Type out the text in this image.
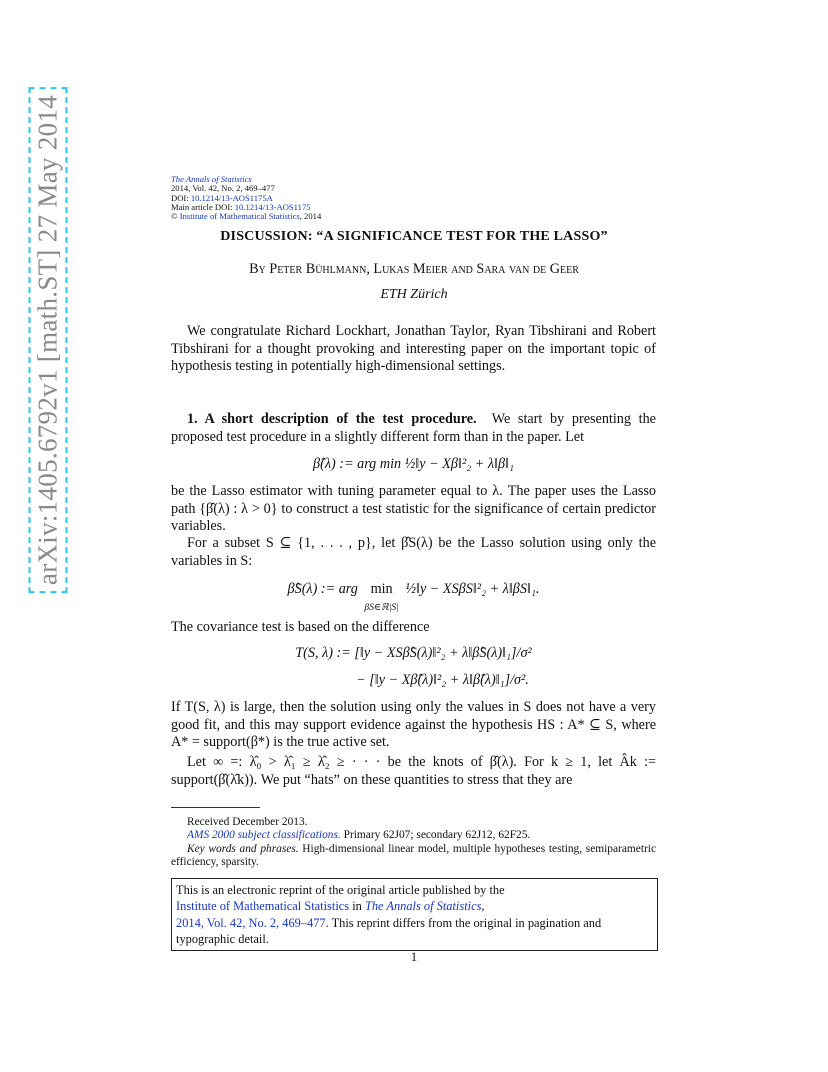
arXiv:1405.6792v1 [math.ST] 27 May 2014	The Annals of Statistics
2014, Vol. 42, No. 2, 469–477
DOI: 10.1214/13-AOS1175A
Main article DOI: 10.1214/13-AOS1175
© Institute of Mathematical Statistics, 2014
DISCUSSION: “A SIGNIFICANCE TEST FOR THE LASSO”
By Peter Bühlmann, Lukas Meier and Sara van de Geer
ETH Zürich
We congratulate Richard Lockhart, Jonathan Taylor, Ryan Tibshirani and Robert Tibshirani for a thought provoking and interesting paper on the important topic of hypothesis testing in potentially high-dimensional settings.
1. A short description of the test procedure. We start by presenting the proposed test procedure in a slightly different form than in the paper. Let
β̂(λ) := arg min ½‖y − Xβ‖²₂ + λ‖β‖₁
be the Lasso estimator with tuning parameter equal to λ. The paper uses the Lasso path {β̂(λ) : λ > 0} to construct a test statistic for the significance of certain predictor variables.
For a subset S ⊆ {1, . . . , p}, let β̂S(λ) be the Lasso solution using only the variables in S:
β̂S(λ) := arg min
βS∈ℝ|S| ½‖y − XSβS‖²₂ + λ‖βS‖₁.
The covariance test is based on the difference
T(S, λ) := [‖y − XSβ̂S(λ)‖²₂ + λ‖β̂S(λ)‖₁]/σ²
− [‖y − Xβ̂(λ)‖²₂ + λ‖β̂(λ)‖₁]/σ².
If T(S, λ) is large, then the solution using only the values in S does not have a very good fit, and this may support evidence against the hypothesis HS : A* ⊆ S, where A* = support(β*) is the true active set.
Let ∞ =: λ̂₀ > λ̂₁ ≥ λ̂₂ ≥ · · · be the knots of β̂(λ). For k ≥ 1, let Âk := support(β̂(λ̂k)). We put “hats” on these quantities to stress that they are
Received December 2013.
AMS 2000 subject classifications. Primary 62J07; secondary 62J12, 62F25.
Key words and phrases. High-dimensional linear model, multiple hypotheses testing, semiparametric efficiency, sparsity.
This is an electronic reprint of the original article published by the
Institute of Mathematical Statistics in The Annals of Statistics,
2014, Vol. 42, No. 2, 469–477. This reprint differs from the original in pagination and typographic detail.
1
